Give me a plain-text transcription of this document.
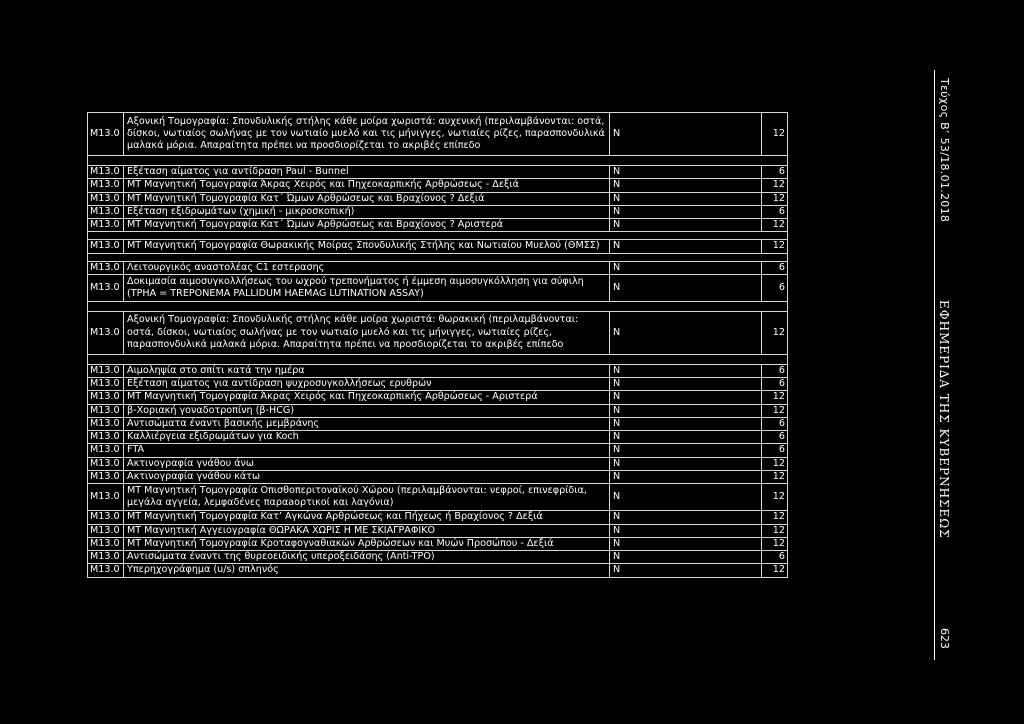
M13.0	Αξονική Τομογραφία: Σπονδυλικής στήλης κάθε μοίρα χωριστά: αυχενική (περιλαμβάνονται: οστά, δίσκοι, νωτιαίος σωλήνας με τον νωτιαίο μυελό και τις μήνιγγες, νωτιαίες ρίζες, παρασπονδυλικά μαλακά μόρια. Απαραίτητα πρέπει να προσδιορίζεται το ακριβές επίπεδο	N	12

M13.0	Εξέταση αίματος για αντίδραση Paul - Bunnel	N	6
M13.0	ΜΤ Μαγνητική Τομογραφία Άκρας Χειρός και Πηχεοκαρπικής Αρθρώσεως - Δεξιά	N	12
M13.0	ΜΤ Μαγνητική Τομογραφία Κατ΄ Ώμων Αρθρώσεως και Βραχίονος ? Δεξιά	N	12
M13.0	Εξέταση εξιδρωμάτων (χημική - μικροσκοπική)	N	6
M13.0	ΜΤ Μαγνητική Τομογραφία Κατ΄ Ώμων Αρθρώσεως και Βραχίονος ? Αριστερά	N	12

M13.0	ΜΤ Μαγνητική Τομογραφία Θωρακικής Μοίρας Σπονδυλικής Στήλης και Νωτιαίου Μυελού (ΘΜΣΣ)	N	12

M13.0	Λειτουργικός αναστολέας C1 εστερασης	N	6
M13.0	Δοκιμασία αιμοσυγκολλήσεως του ωχρού τρεπονήματος ή έμμεση αιμοσυγκόλληση για σύφιλη (TPHA = TREPONEMA PALLIDUM HAEMAG LUTINATION ASSAY)	N	6

M13.0	Αξονική Τομογραφία: Σπονδυλικής στήλης κάθε μοίρα χωριστά: θωρακική (περιλαμβάνονται: οστά, δίσκοι, νωτιαίος σωλήνας με τον νωτιαίο μυελό και τις μήνιγγες, νωτιαίες ρίζες, παρασπονδυλικά μαλακά μόρια. Απαραίτητα πρέπει να προσδιορίζεται το ακριβές επίπεδο	N	12

M13.0	Αιμοληψία στο σπίτι κατά την ημέρα	N	6
M13.0	Εξέταση αίματος για αντίδραση ψυχροσυγκολλήσεως ερυθρών	N	6
M13.0	ΜΤ Μαγνητική Τομογραφία Άκρας Χειρός και Πηχεοκαρπικής Αρθρώσεως - Αριστερά	N	12
M13.0	β-Χοριακή γοναδοτροπίνη (β-HCG)	N	12
M13.0	Αντισώματα έναντι βασικής μεμβράνης	N	6
M13.0	Καλλιέργεια εξιδρωμάτων για Koch	N	6
M13.0	FTA	N	6
M13.0	Ακτινογραφία γνάθου άνω	N	12
M13.0	Ακτινογραφία γνάθου κάτω	N	12
M13.0	ΜΤ Μαγνητική Τομογραφία Οπισθοπεριτοναϊκού Χώρου (περιλαμβάνονται: νεφροί, επινεφρίδια, μεγάλα αγγεία, λεμφαδένες παραaορτικοί και λαγόνια)	N	12
M13.0	ΜΤ Μαγνητική Τομογραφία Κατ’ Αγκώνα Αρθρώσεως και Πήχεως ή Βραχίονος ? Δεξιά	N	12
M13.0	ΜΤ Μαγνητική Αγγειογραφία ΘΩΡΑΚΑ ΧΩΡΙΣ Η ΜΕ ΣΚΙΑΓΡΑΦΙΚΟ	N	12
M13.0	ΜΤ Μαγνητική Τομογραφία Κροταφογναθιακών Αρθρώσεων και Μυών Προσώπου - Δεξιά	N	12
M13.0	Αντισώματα έναντι της θυρεοειδικής υπεροξειδάσης (Anti-TPO)	N	6
M13.0	Υπερηχογράφημα (u/s) σπληνός	N	12
Τεύχος Β’ 53/18.01.2018
ΕΦΗΜΕΡΙ∆Α ΤΗΣ ΚΥΒΕΡΝΗΣΕΩΣ
623
